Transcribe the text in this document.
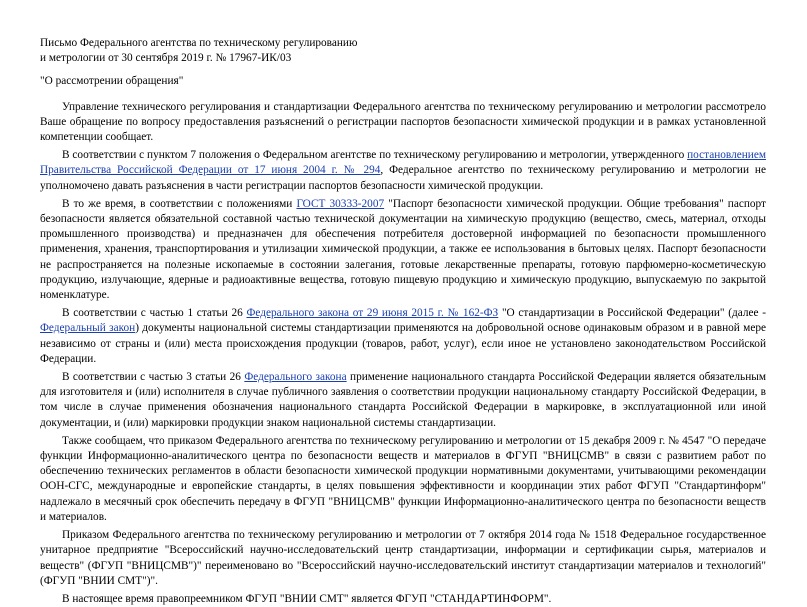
Письмо Федерального агентства по техническому регулированию
и метрологии от 30 сентября 2019 г. № 17967-ИК/03
"О рассмотрении обращения"

Управление технического регулирования и стандартизации Федерального агентства по техническому регулированию и метрологии рассмотрело Ваше обращение по вопросу предоставления разъяснений о регистрации паспортов безопасности химической продукции и в рамках установленной компетенции сообщает.

В соответствии с пунктом 7 положения о Федеральном агентстве по техническому регулированию и метрологии, утвержденного постановлением Правительства Российской Федерации от 17 июня 2004 г. № 294, Федеральное агентство по техническому регулированию и метрологии не уполномочено давать разъяснения в части регистрации паспортов безопасности химической продукции.

В то же время, в соответствии с положениями ГОСТ 30333-2007 "Паспорт безопасности химической продукции. Общие требования" паспорт безопасности является обязательной составной частью технической документации на химическую продукцию (вещество, смесь, материал, отходы промышленного производства) и предназначен для обеспечения потребителя достоверной информацией по безопасности промышленного применения, хранения, транспортирования и утилизации химической продукции, а также ее использования в бытовых целях. Паспорт безопасности не распространяется на полезные ископаемые в состоянии залегания, готовые лекарственные препараты, готовую парфюмерно-косметическую продукцию, излучающие, ядерные и радиоактивные вещества, готовую пищевую продукцию и химическую продукцию, выпускаемую по закрытой номенклатуре.

В соответствии с частью 1 статьи 26 Федерального закона от 29 июня 2015 г. № 162-ФЗ "О стандартизации в Российской Федерации" (далее - Федеральный закон) документы национальной системы стандартизации применяются на добровольной основе одинаковым образом и в равной мере независимо от страны и (или) места происхождения продукции (товаров, работ, услуг), если иное не установлено законодательством Российской Федерации.

В соответствии с частью 3 статьи 26 Федерального закона применение национального стандарта Российской Федерации является обязательным для изготовителя и (или) исполнителя в случае публичного заявления о соответствии продукции национальному стандарту Российской Федерации, в том числе в случае применения обозначения национального стандарта Российской Федерации в маркировке, в эксплуатационной или иной документации, и (или) маркировки продукции знаком национальной системы стандартизации.

Также сообщаем, что приказом Федерального агентства по техническому регулированию и метрологии от 15 декабря 2009 г. № 4547 "О передаче функции Информационно-аналитического центра по безопасности веществ и материалов в ФГУП "ВНИЦСМВ" в связи с развитием работ по обеспечению технических регламентов в области безопасности химической продукции нормативными документами, учитывающими рекомендации ООН-СГС, международные и европейские стандарты, в целях повышения эффективности и координации этих работ ФГУП "Стандартинформ" надлежало в месячный срок обеспечить передачу в ФГУП "ВНИЦСМВ" функции Информационно-аналитического центра по безопасности веществ и материалов.

Приказом Федерального агентства по техническому регулированию и метрологии от 7 октября 2014 года № 1518 Федеральное государственное унитарное предприятие "Всероссийский научно-исследовательский центр стандартизации, информации и сертификации сырья, материалов и веществ" (ФГУП "ВНИЦСМВ")" переименовано во "Всероссийский научно-исследовательский институт стандартизации материалов и технологий" (ФГУП "ВНИИ СМТ")".

В настоящее время правопреемником ФГУП "ВНИИ СМТ" является ФГУП "СТАНДАРТИНФОРМ".
